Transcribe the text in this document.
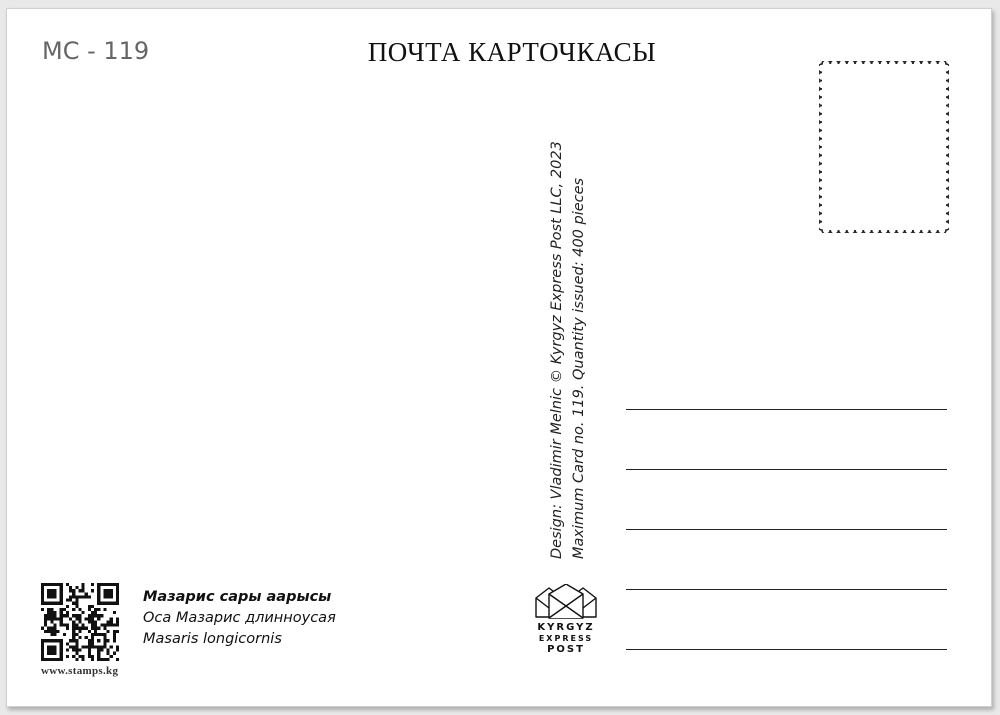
MC - 119	ПОЧТА КАРТОЧКАСЫ
Design: Vladimir Melnic © Kyrgyz Express Post LLC, 2023 Maximum Card no. 119. Quantity issued: 400 pieces
KYRGYZ
EXPRESS
POST
www.stamps.kg
Мазарис сары аарысы
Оса Мазарис длинноусая
Masaris longicornis
